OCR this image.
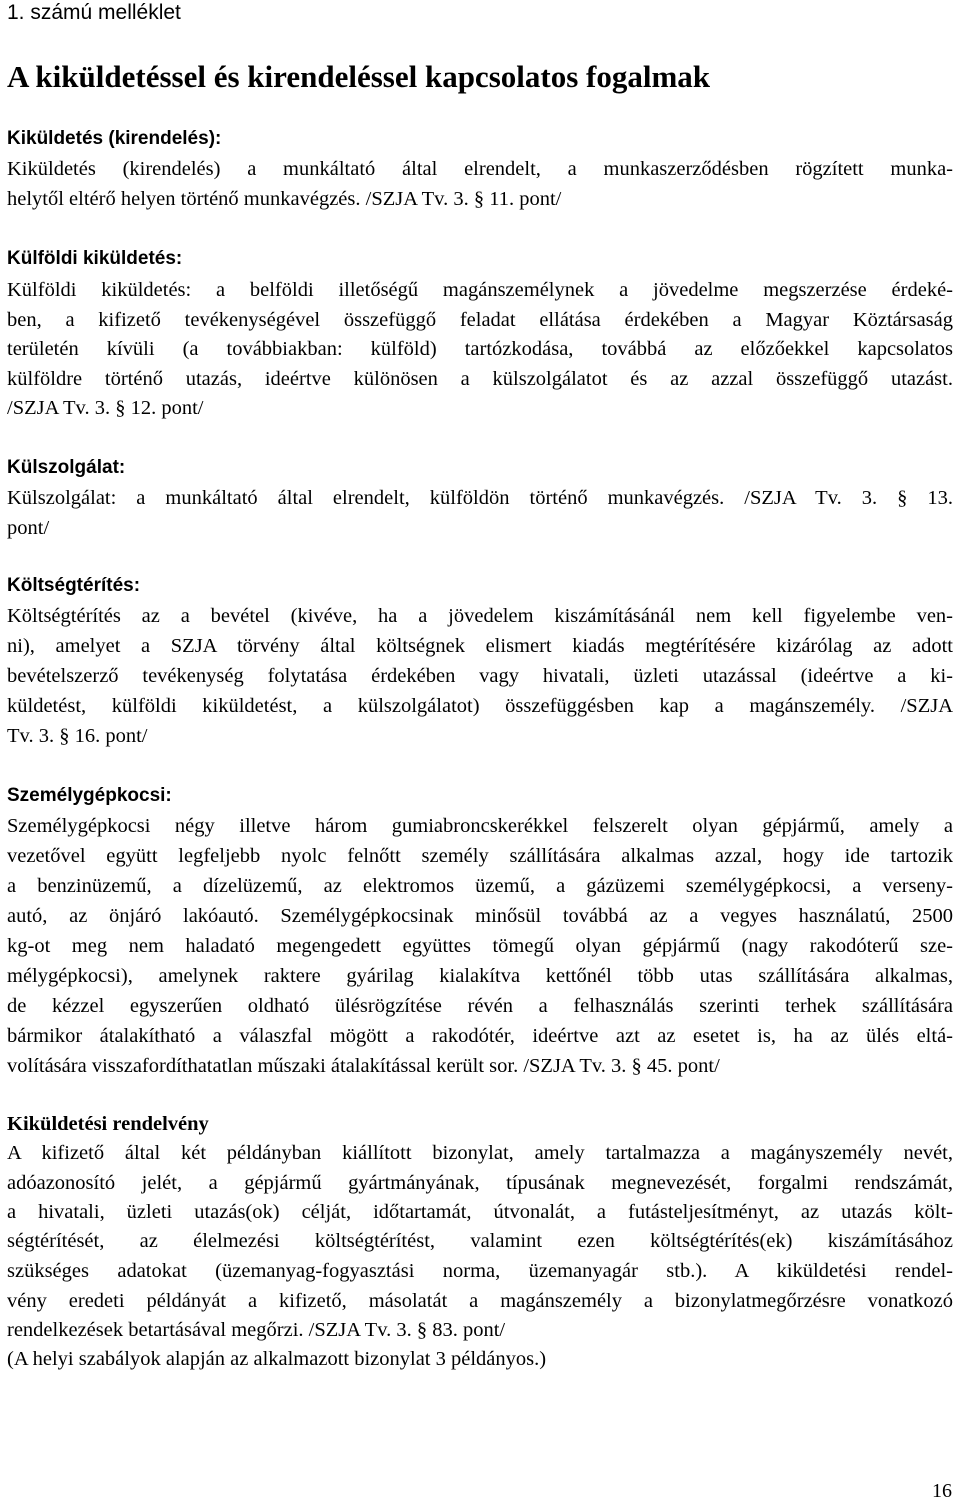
1. számú melléklet
A kiküldetéssel és kirendeléssel kapcsolatos fogalmak
Kiküldetés (kirendelés):
Kiküldetés (kirendelés) a munkáltató által elrendelt, a munkaszerződésben rögzített munka-
helytől eltérő helyen történő munkavégzés. /SZJA Tv. 3. § 11. pont/
Külföldi kiküldetés:
Külföldi kiküldetés: a belföldi illetőségű magánszemélynek a jövedelme megszerzése érdeké-
ben, a kifizető tevékenységével összefüggő feladat ellátása érdekében a Magyar Köztársaság
területén kívüli (a továbbiakban: külföld) tartózkodása, továbbá az előzőekkel kapcsolatos
külföldre történő utazás, ideértve különösen a külszolgálatot és az azzal összefüggő utazást.
/SZJA Tv. 3. § 12. pont/
Külszolgálat:
Külszolgálat: a munkáltató által elrendelt, külföldön történő munkavégzés. /SZJA Tv. 3. § 13.
pont/
Költségtérítés:
Költségtérítés az a bevétel (kivéve, ha a jövedelem kiszámításánál nem kell figyelembe ven-
ni), amelyet a SZJA törvény által költségnek elismert kiadás megtérítésére kizárólag az adott
bevételszerző tevékenység folytatása érdekében vagy hivatali, üzleti utazással (ideértve a ki-
küldetést, külföldi kiküldetést, a külszolgálatot) összefüggésben kap a magánszemély. /SZJA
Tv. 3. § 16. pont/
Személygépkocsi:
Személygépkocsi négy illetve három gumiabroncskerékkel felszerelt olyan gépjármű, amely a
vezetővel együtt legfeljebb nyolc felnőtt személy szállítására alkalmas azzal, hogy ide tartozik
a benzinüzemű, a dízelüzemű, az elektromos üzemű, a gázüzemi személygépkocsi, a verseny-
autó, az önjáró lakóautó. Személygépkocsinak minősül továbbá az a vegyes használatú, 2500
kg-ot meg nem haladató megengedett együttes tömegű olyan gépjármű (nagy rakodóterű sze-
mélygépkocsi), amelynek raktere gyárilag kialakítva kettőnél több utas szállítására alkalmas,
de kézzel egyszerűen oldható ülésrögzítése révén a felhasználás szerinti terhek szállítására
bármikor átalakítható a válaszfal mögött a rakodótér, ideértve azt az esetet is, ha az ülés eltá-
volítására visszafordíthatatlan műszaki átalakítással került sor. /SZJA Tv. 3. § 45. pont/
Kiküldetési rendelvény
A kifizető által két példányban kiállított bizonylat, amely tartalmazza a magányszemély nevét,
adóazonosító jelét, a gépjármű gyártmányának, típusának megnevezését, forgalmi rendszámát,
a hivatali, üzleti utazás(ok) célját, időtartamát, útvonalát, a futásteljesítményt, az utazás költ-
ségtérítését, az élelmezési költségtérítést, valamint ezen költségtérítés(ek) kiszámításához
szükséges adatokat (üzemanyag-fogyasztási norma, üzemanyagár stb.). A kiküldetési rendel-
vény eredeti példányát a kifizető, másolatát a magánszemély a bizonylatmegőrzésre vonatkozó
rendelkezések betartásával megőrzi. /SZJA Tv. 3. § 83. pont/
(A helyi szabályok alapján az alkalmazott bizonylat 3 példányos.)
16
